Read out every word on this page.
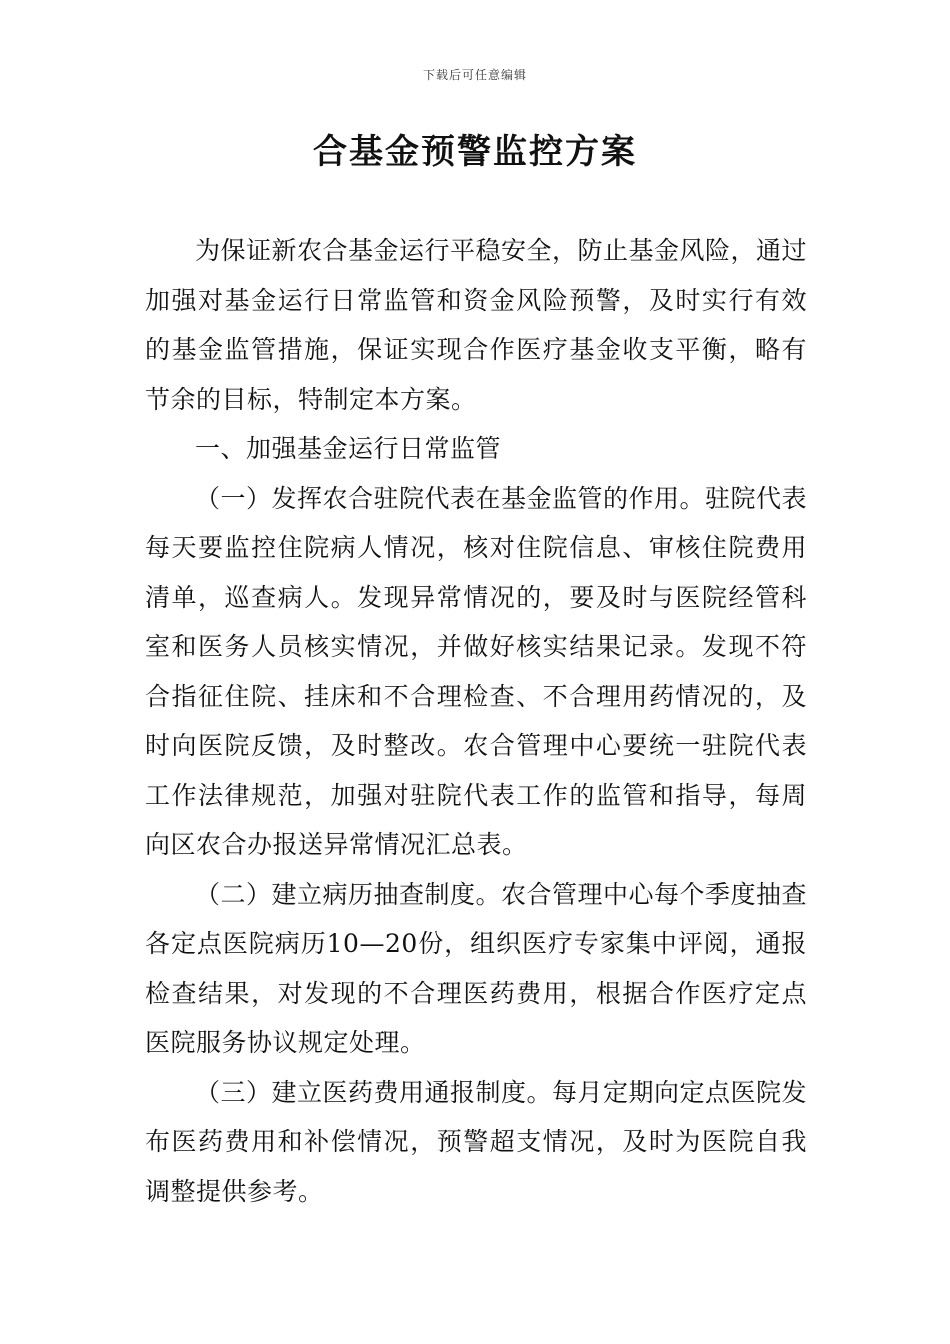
下载后可任意编辑
合基金预警监控方案

为保证新农合基金运行平稳安全，防止基金风险，通过加强对基金运行日常监管和资金风险预警，及时实行有效的基金监管措施，保证实现合作医疗基金收支平衡，略有节余的目标，特制定本方案。

一、加强基金运行日常监管

（一）发挥农合驻院代表在基金监管的作用。驻院代表每天要监控住院病人情况，核对住院信息、审核住院费用清单，巡查病人。发现异常情况的，要及时与医院经管科室和医务人员核实情况，并做好核实结果记录。发现不符合指征住院、挂床和不合理检查、不合理用药情况的，及时向医院反馈，及时整改。农合管理中心要统一驻院代表工作法律规范，加强对驻院代表工作的监管和指导，每周向区农合办报送异常情况汇总表。

（二）建立病历抽查制度。农合管理中心每个季度抽查各定点医院病历10—20份，组织医疗专家集中评阅，通报检查结果，对发现的不合理医药费用，根据合作医疗定点医院服务协议规定处理。

（三）建立医药费用通报制度。每月定期向定点医院发布医药费用和补偿情况，预警超支情况，及时为医院自我调整提供参考。
